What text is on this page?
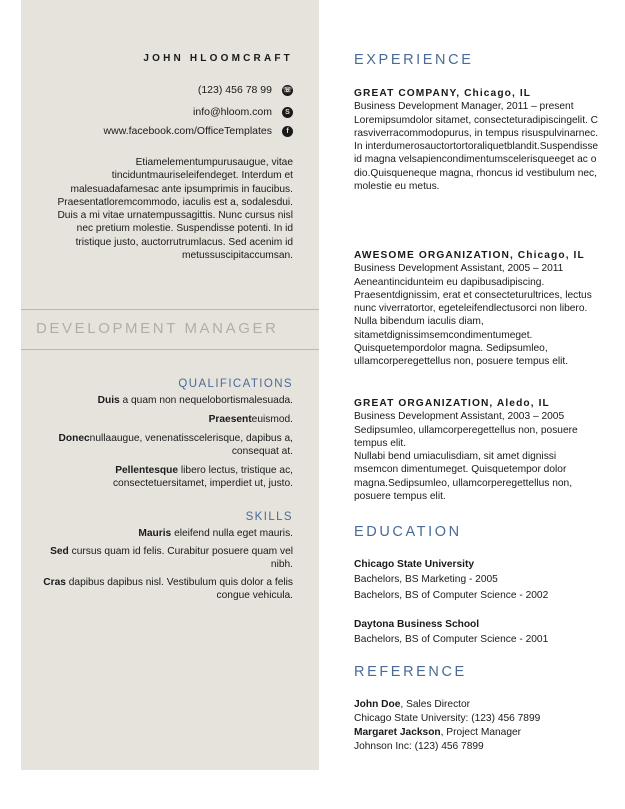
JOHN HLOOMCRAFT
(123) 456 78 99 ☏
info@hloom.com	S
www.facebook.com/OfficeTemplates	f
Etiamelementumpurusaugue, vitae tinciduntmauriseleifendeget. Interdum et malesuadafamesac ante ipsumprimis in faucibus. Praesentatloremcommodo, iaculis est a, sodalesdui. Duis a mi vitae urnatempussagittis. Nunc cursus nisl nec pretium molestie. Suspendisse potenti. In id tristique justo, auctorrutrumlacus. Sed acenim id metussuscipitaccumsan.
DEVELOPMENT MANAGER
QUALIFICATIONS
Duis a quam non nequelobortismalesuada.
Praesenteuismod.
Donecnullaaugue, venenatisscelerisque, dapibus a, consequat at.
Pellentesque libero lectus, tristique ac, consectetuersitamet, imperdiet ut, justo.
SKILLS
Mauris eleifend nulla eget mauris.
Sed cursus quam id felis. Curabitur posuere quam vel nibh.
Cras dapibus dapibus nisl. Vestibulum quis dolor a felis congue vehicula.
EXPERIENCE
GREAT COMPANY, Chicago, IL
Business Development Manager, 2011 – present
Loremipsumdolor sitamet, consecteturadipiscingelit. Crasviverracommodopurus, in tempus risuspulvinarnec. In interdumerosauctortortoraliquetblandit.Suspendisse id magna velsapiencondimentumscelerisqueeget ac odio.Quisqueneque magna, rhoncus id vestibulum nec, molestie eu metus.
AWESOME ORGANIZATION, Chicago, IL
Business Development Assistant, 2005 – 2011
Aeneantincidunteim eu dapibusadipiscing. Praesentdignissim, erat et consecteturultrices, lectus nunc viverratortor, egeteleifendlectusorci non libero. Nulla bibendum iaculis diam, sitametdignissimsemcondimentumeget. Quisquetempordolor magna. Sedipsumleo, ullamcorperegettellus non, posuere tempus elit.
GREAT ORGANIZATION, Aledo, IL
Business Development Assistant, 2003 – 2005
Sedipsumleo, ullamcorperegettellus non, posuere tempus elit.
Nullabi bend umiaculisdiam, sit amet dignissi msemcon dimentumeget. Quisquetempor dolor magna.Sedipsumleo, ullamcorperegettellus non, posuere tempus elit.
EDUCATION
Chicago State University
Bachelors, BS Marketing - 2005
Bachelors, BS of Computer Science - 2002
Daytona Business School
Bachelors, BS of Computer Science - 2001
REFERENCE
John Doe, Sales Director
Chicago State University: (123) 456 7899
Margaret Jackson, Project Manager
Johnson Inc: (123) 456 7899
